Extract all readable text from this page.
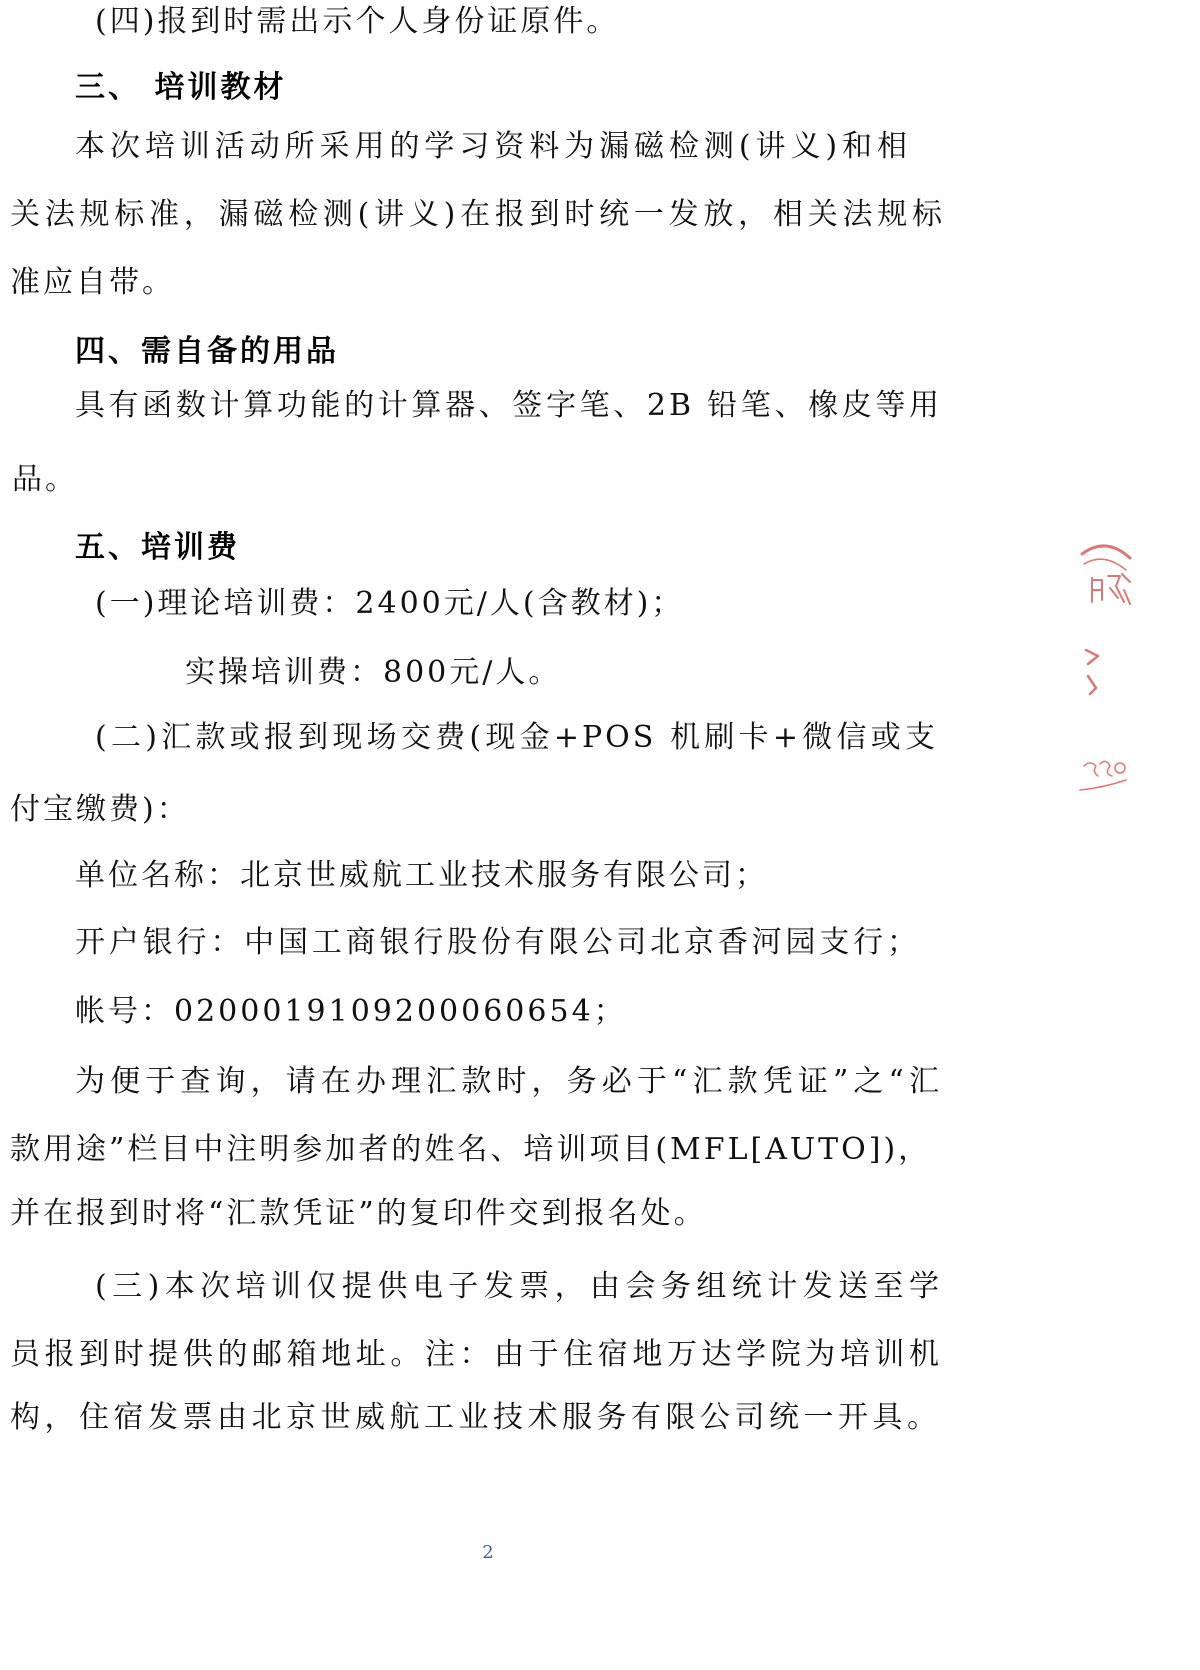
(四)报到时需出示个人身份证原件。
三、 培训教材
本次培训活动所采用的学习资料为漏磁检测(讲义)和相
关法规标准，漏磁检测(讲义)在报到时统一发放，相关法规标
准应自带。
四、需自备的用品
具有函数计算功能的计算器、签字笔、2B 铅笔、橡皮等用
品。
五、培训费
(一)理论培训费：2400元/人(含教材)；
实操培训费：800元/人。
(二)汇款或报到现场交费(现金+POS 机刷卡+微信或支
付宝缴费)：
单位名称：北京世威航工业技术服务有限公司；
开户银行：中国工商银行股份有限公司北京香河园支行；
帐号：0200019109200060654；
为便于查询，请在办理汇款时，务必于“汇款凭证”之“汇
款用途”栏目中注明参加者的姓名、培训项目(MFL[AUTO])，
并在报到时将“汇款凭证”的复印件交到报名处。
(三)本次培训仅提供电子发票，由会务组统计发送至学
员报到时提供的邮箱地址。注：由于住宿地万达学院为培训机
构，住宿发票由北京世威航工业技术服务有限公司统一开具。
2
